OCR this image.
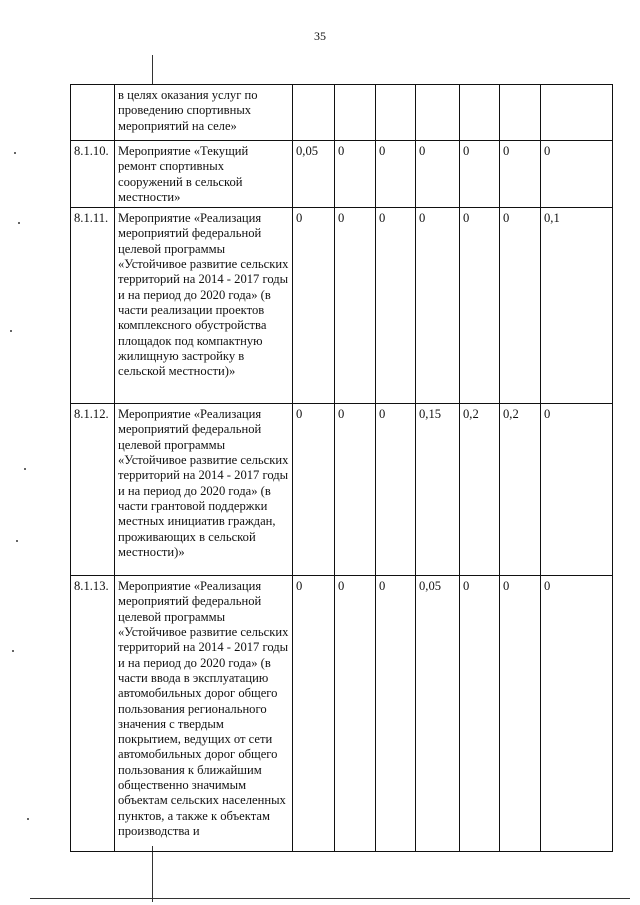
35
	в целях оказания услуг по проведению спортивных мероприятий на селе»							
8.1.10.	Мероприятие «Текущий ремонт спортивных сооружений в сельской местности»	0,05	0	0	0	0	0	0
8.1.11.	Мероприятие «Реализация мероприятий федеральной целевой программы «Устойчивое развитие сельских территорий на 2014 - 2017 годы и на период до 2020 года» (в части реализации проектов комплексного обустройства площадок под компактную жилищную застройку в сельской местности)»	0	0	0	0	0	0	0,1
8.1.12.	Мероприятие «Реализация мероприятий федеральной целевой программы «Устойчивое развитие сельских территорий на 2014 - 2017 годы и на период до 2020 года» (в части грантовой поддержки местных инициатив граждан, проживающих в сельской местности)»	0	0	0	0,15	0,2	0,2	0
8.1.13.	Мероприятие «Реализация мероприятий федеральной целевой программы «Устойчивое развитие сельских территорий на 2014 - 2017 годы и на период до 2020 года» (в части ввода в эксплуатацию автомобильных дорог общего пользования регионального значения с твердым покрытием, ведущих от сети автомобильных дорог общего пользования к ближайшим общественно значимым объектам сельских населенных пунктов, а также к объектам производства и	0	0	0	0,05	0	0	0
